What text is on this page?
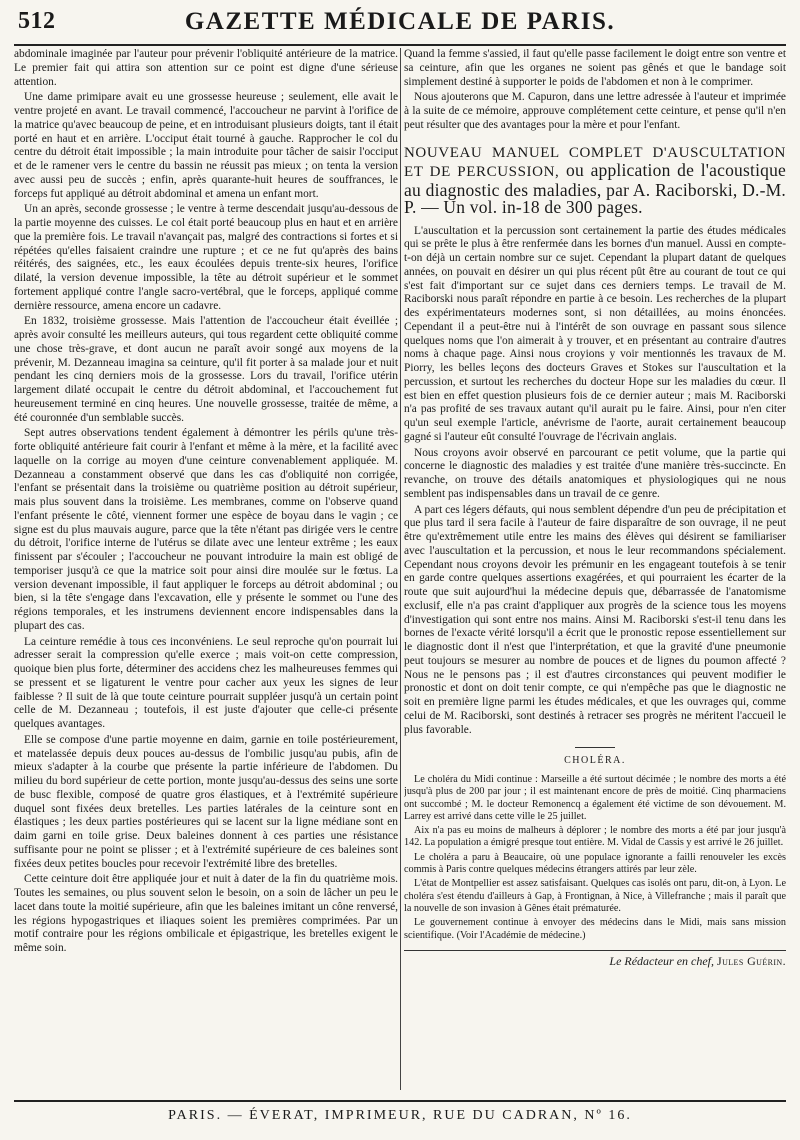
512	GAZETTE MÉDICALE DE PARIS.

abdominale imaginée par l'auteur pour prévenir l'obliquité antérieure de la matrice. Le premier fait qui attira son attention sur ce point est digne d'une sérieuse attention.

Une dame primipare avait eu une grossesse heureuse ; seulement, elle avait le ventre projeté en avant. Le travail commencé, l'accoucheur ne parvint à l'orifice de la matrice qu'avec beaucoup de peine, et en introduisant plusieurs doigts, tant il était porté en haut et en arrière. L'occiput était tourné à gauche. Rapprocher le col du centre du détroit était impossible ; la main introduite pour tâcher de saisir l'occiput et de le ramener vers le centre du bassin ne réussit pas mieux ; on tenta la version avec aussi peu de succès ; enfin, après quarante-huit heures de souffrances, le forceps fut appliqué au détroit abdominal et amena un enfant mort.

Un an après, seconde grossesse ; le ventre à terme descendait jusqu'au-dessous de la partie moyenne des cuisses. Le col était porté beaucoup plus en haut et en arrière que la première fois. Le travail n'avançait pas, malgré des contractions si fortes et si répétées qu'elles faisaient craindre une rupture ; et ce ne fut qu'après des bains réitérés, des saignées, etc., les eaux écoulées depuis trente-six heures, l'orifice dilaté, la version devenue impossible, la tête au détroit supérieur et le sommet fortement appliqué contre l'angle sacro-vertébral, que le forceps, appliqué comme dernière ressource, amena encore un cadavre.

En 1832, troisième grossesse. Mais l'attention de l'accoucheur était éveillée ; après avoir consulté les meilleurs auteurs, qui tous regardent cette obliquité comme une chose très-grave, et dont aucun ne paraît avoir songé aux moyens de la prévenir, M. Dezanneau imagina sa ceinture, qu'il fit porter à sa malade jour et nuit pendant les cinq derniers mois de la grossesse. Lors du travail, l'orifice utérin largement dilaté occupait le centre du détroit abdominal, et l'accouchement fut heureusement terminé en cinq heures. Une nouvelle grossesse, traitée de même, a été couronnée d'un semblable succès.

Sept autres observations tendent également à démontrer les périls qu'une très-forte obliquité antérieure fait courir à l'enfant et même à la mère, et la facilité avec laquelle on la corrige au moyen d'une ceinture convenablement appliquée. M. Dezanneau a constamment observé que dans les cas d'obliquité non corrigée, l'enfant se présentait dans la troisième ou quatrième position au détroit supérieur, mais plus souvent dans la troisième. Les membranes, comme on l'observe quand l'enfant présente le côté, viennent former une espèce de boyau dans le vagin ; ce signe est du plus mauvais augure, parce que la tête n'étant pas dirigée vers le centre du détroit, l'orifice interne de l'utérus se dilate avec une lenteur extrême ; les eaux finissent par s'écouler ; l'accoucheur ne pouvant introduire la main est obligé de temporiser jusqu'à ce que la matrice soit pour ainsi dire moulée sur le fœtus. La version devenant impossible, il faut appliquer le forceps au détroit abdominal ; ou bien, si la tête s'engage dans l'excavation, elle y présente le sommet ou l'une des régions temporales, et les instrumens deviennent encore indispensables dans la plupart des cas.

La ceinture remédie à tous ces inconvéniens. Le seul reproche qu'on pourrait lui adresser serait la compression qu'elle exerce ; mais voit-on cette compression, quoique bien plus forte, déterminer des accidens chez les malheureuses femmes qui se pressent et se ligaturent le ventre pour cacher aux yeux les signes de leur faiblesse ? Il suit de là que toute ceinture pourrait suppléer jusqu'à un certain point celle de M. Dezanneau ; toutefois, il est juste d'ajouter que celle-ci présente quelques avantages.

Elle se compose d'une partie moyenne en daim, garnie en toile postérieurement, et matelassée depuis deux pouces au-dessus de l'ombilic jusqu'au pubis, afin de mieux s'adapter à la courbe que présente la partie inférieure de l'abdomen. Du milieu du bord supérieur de cette portion, monte jusqu'au-dessus des seins une sorte de busc flexible, composé de quatre gros élastiques, et à l'extrémité supérieure duquel sont fixées deux bretelles. Les parties latérales de la ceinture sont en élastiques ; les deux parties postérieures qui se lacent sur la ligne médiane sont en daim garni en toile grise. Deux baleines donnent à ces parties une résistance suffisante pour ne point se plisser ; et à l'extrémité supérieure de ces baleines sont fixées deux petites boucles pour recevoir l'extrémité libre des bretelles.

Cette ceinture doit être appliquée jour et nuit à dater de la fin du quatrième mois. Toutes les semaines, ou plus souvent selon le besoin, on a soin de lâcher un peu le lacet dans toute la moitié supérieure, afin que les baleines imitant un cône renversé, les régions hypogastriques et iliaques soient les premières comprimées. Par un motif contraire pour les régions ombilicale et épigastrique, les bretelles exigent le même soin.

Quand la femme s'assied, il faut qu'elle passe facilement le doigt entre son ventre et sa ceinture, afin que les organes ne soient pas gênés et que le bandage soit simplement destiné à supporter le poids de l'abdomen et non à le comprimer.

Nous ajouterons que M. Capuron, dans une lettre adressée à l'auteur et imprimée à la suite de ce mémoire, approuve complétement cette ceinture, et pense qu'il n'en peut résulter que des avantages pour la mère et pour l'enfant.

NOUVEAU MANUEL COMPLET D'AUSCULTATION ET DE PERCUSSION, ou application de l'acoustique au diagnostic des maladies, par A. Raciborski, D.-M. P. — Un vol. in-18 de 300 pages.

L'auscultation et la percussion sont certainement la partie des études médicales qui se prête le plus à être renfermée dans les bornes d'un manuel. Aussi en compte-t-on déjà un certain nombre sur ce sujet. Cependant la plupart datant de quelques années, on pouvait en désirer un qui plus récent pût être au courant de tout ce qui s'est fait d'important sur ce sujet dans ces derniers temps. Le travail de M. Raciborski nous paraît répondre en partie à ce besoin. Les recherches de la plupart des expérimentateurs modernes sont, si non détaillées, au moins énoncées. Cependant il a peut-être nui à l'intérêt de son ouvrage en passant sous silence quelques noms que l'on aimerait à y trouver, et en présentant au contraire d'autres noms à chaque page. Ainsi nous croyions y voir mentionnés les travaux de M. Piorry, les belles leçons des docteurs Graves et Stokes sur l'auscultation et la percussion, et surtout les recherches du docteur Hope sur les maladies du cœur. Il est bien en effet question plusieurs fois de ce dernier auteur ; mais M. Raciborski n'a pas profité de ses travaux autant qu'il aurait pu le faire. Ainsi, pour n'en citer qu'un seul exemple l'article, anévrisme de l'aorte, aurait certainement beaucoup gagné si l'auteur eût consulté l'ouvrage de l'écrivain anglais.

Nous croyons avoir observé en parcourant ce petit volume, que la partie qui concerne le diagnostic des maladies y est traitée d'une manière très-succincte. En revanche, on trouve des détails anatomiques et physiologiques qui ne nous semblent pas indispensables dans un travail de ce genre.

A part ces légers défauts, qui nous semblent dépendre d'un peu de précipitation et que plus tard il sera facile à l'auteur de faire disparaître de son ouvrage, il ne peut être qu'extrêmement utile entre les mains des élèves qui désirent se familiariser avec l'auscultation et la percussion, et nous le leur recommandons spécialement. Cependant nous croyons devoir les prémunir en les engageant toutefois à se tenir en garde contre quelques assertions exagérées, et qui pourraient les écarter de la route que suit aujourd'hui la médecine depuis que, débarrassée de l'anatomisme exclusif, elle n'a pas craint d'appliquer aux progrès de la science tous les moyens d'investigation qui sont entre nos mains. Ainsi M. Raciborski s'est-il tenu dans les bornes de l'exacte vérité lorsqu'il a écrit que le pronostic repose essentiellement sur le diagnostic dont il n'est que l'interprétation, et que la gravité d'une pneumonie peut toujours se mesurer au nombre de pouces et de lignes du poumon affecté ? Nous ne le pensons pas ; il est d'autres circonstances qui peuvent modifier le pronostic et dont on doit tenir compte, ce qui n'empêche pas que le diagnostic ne soit en première ligne parmi les études médicales, et que les ouvrages qui, comme celui de M. Raciborski, sont destinés à retracer ses progrès ne méritent l'accueil le plus favorable.

CHOLÉRA.

Le choléra du Midi continue : Marseille a été surtout décimée ; le nombre des morts a été jusqu'à plus de 200 par jour ; il est maintenant encore de près de moitié. Cinq pharmaciens ont succombé ; M. le docteur Remonencq a également été victime de son dévouement. M. Larrey est arrivé dans cette ville le 25 juillet.

Aix n'a pas eu moins de malheurs à déplorer ; le nombre des morts a été par jour jusqu'à 142. La population a émigré presque tout entière. M. Vidal de Cassis y est arrivé le 26 juillet.

Le choléra a paru à Beaucaire, où une populace ignorante a failli renouveler les excès commis à Paris contre quelques médecins étrangers attirés par leur zèle.

L'état de Montpellier est assez satisfaisant. Quelques cas isolés ont paru, dit-on, à Lyon. Le choléra s'est étendu d'ailleurs à Gap, à Frontignan, à Nice, à Villefranche ; mais il paraît que la nouvelle de son invasion à Gênes était prématurée.

Le gouvernement continue à envoyer des médecins dans le Midi, mais sans mission scientifique. (Voir l'Académie de médecine.)

Le Rédacteur en chef, Jules Guérin.
PARIS. — ÉVERAT, IMPRIMEUR, RUE DU CADRAN, Nº 16.
